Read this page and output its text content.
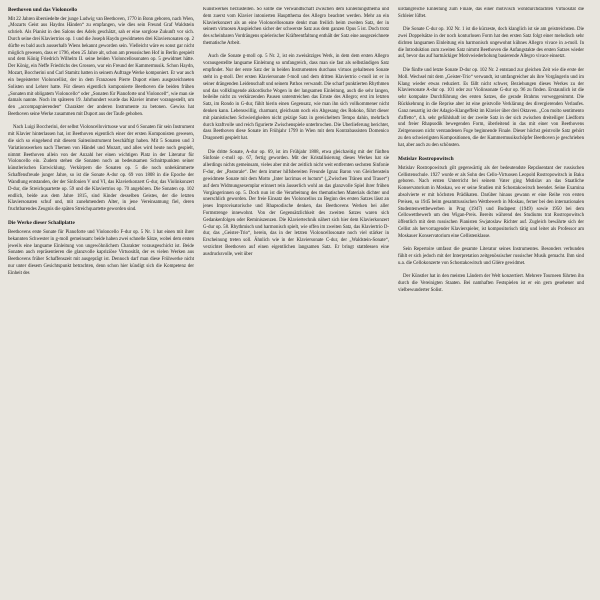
Beethoven und das Violoncello

Mit 22 Jahren übersiedelte der junge Ludwig van Beethoven, 1770 in Bonn geboren, nach Wien, „Mozarts Geist aus Haydns Händen“ zu empfangen, wie dies sein Freund Graf Waldstein schrieb. Als Pianist in den Salons des Adels geschätzt, sah er eine sorglose Zukunft vor sich. Durch seine drei Klaviertrios op. 1 und die Joseph Haydn gewidmeten drei Klaviersonaten op. 2 dürfte es bald auch ausserhalb Wiens bekannt geworden sein. Vielleicht wäre es sonst gar nicht möglich gewesen, dass er 1796, eben 25 Jahre alt, schon am preussischen Hof in Berlin gespielt und dem König Friedrich Wilhelm II. seine beiden Violoncellosonaten op. 5 gewidmet hätte. Der König, ein Neffe Friedrichs des Grossen, war ein Freund der Kammermusik. Schon Haydn, Mozart, Boccherini und Carl Stamitz hatten in seinem Auftrage Werke komponiert. Er war auch ein begeisterter Violoncellist, der in dem Franzosen Pierre Duport einen ausgezeichneten Solisten und Lehrer hatte. Für diesen eigentlich komponierte Beethoven die beiden frühen „Sonaten mit obligatem Violoncello“ oder „Sonaten für Pianoforte und Violoncell“, wie man sie damals nannte. Noch im späteren 19. Jahrhundert wurde das Klavier immer vorangestellt, um den „accompagnierenden“ Charakter der anderen Instrumente zu betonen. Gewiss hat Beethoven seine Werke zusammen mit Duport aus der Taufe gehoben.

Nach Luigi Boccherini, der selbst Violoncellovirtuose war und 6 Sonaten für sein Instrument mit Klavier hinterlassen hat, ist Beethoven eigentlich einer der ersten Komponisten gewesen, die sich so eingehend mit diesem Saiteninstrument beschäftigt haben. Mit 5 Sonaten und 3 Variationswerken nach Themen von Händel und Mozart, und alles wird heute noch gespielt, nimmt Beethoven allein von der Anzahl her einen wichtigen Platz in der Literatur für Violoncello ein. Zudem stehen die Sonaten noch an bedeutsamen Schnittpunkten seiner künstlerischen Entwicklung. Verkörpern die Sonaten op. 5 die noch unbekümmerte Schaffensfreude junger Jahre, so ist die Sonate A-dur op. 69 von 1808 in die Epoche der Wandlung entstanden, der der Sinfonien V und VI, das Klavierkonzert G-dur, das Violinkonzert D-dur, die Streichquartette op. 59 und die Klaviertrios op. 70 angehören. Die Sonaten op. 102 endlich, beide aus dem Jahre 1815, sind Kinder desselben Geistes, der die letzten Klaviersonaten schuf und, mit zunehmendem Alter, in jene Vereinsamung fiel, deren fruchtbarendes Zeugnis die späten Streichquartette geworden sind.

Die Werke dieser Schallplatte

Beethovens erste Sonate für Pianoforte und Violoncello F-dur op. 5 Nr. 1 hat einen mit ihrer bekannten Schwester in g-moll gemeinsam: beide haben zwei schnelle Sätze, wobei dem ersten jeweils eine langsame Einleitung von ungewöhnlichem Charakter vorausgeschickt ist. Beide Sonaten auch repräsentieren die glanzvolle kapriziöse Virtuosität, der es vielen Werken aus Beethovens früher Schaffenszeit mit ausgeprägt ist. Dennoch darf man diese Frühwerke nicht nur unter diesem Gesichtspunkt betrachten, denn schon hier kündigt sich die Kompetenz der Einheit des

Kunstwerkes herzustellen. So sollte die Verwandtschaft zwischen dem Einleitungsthema und dem zuerst vom Klavier intonierten Hauptthema des Allegro beachtet werden. Mehr an ein Klavierkonzert als an eine Violoncellosonate denkt man freilich beim zweiten Satz, der in seinem virtuosen Anspielchen sicher der schwerste Satz aus dem ganzen Opus 5 ist. Doch trotz des scheinbaren Vordrängens spielerischer Kräfteentfaltung enthält der Satz eine ausgezeichnete thematische Arbeit.

Auch die Sonate g-moll op. 5 Nr. 2, ist ein zweisätziges Werk, in dem dem ersten Allegro vorausgestellte langsame Einleitung so umfangreich, dass man sie fast als selbständigen Satz empfindet. Nur der erste Satz der in beiden Instrumenten durchaus virtuos gehaltenen Sonate steht in g-moll. Der ersten Klaviersonate f-moll und dem dritten Klaviertrio c-moll ist er in seiner drängenden Leidenschaft und seinem Pathos verwandt. Die scharf punktierten Rhythmen und das vollklingende akkordische Wogen in der langsamen Einleitung, auch die sehr langen, beileibe nicht zu verkürzenden Pausen unterstreichen das Ernste des Allegro; erst im letzten Satz, im Rondo in G-dur, fühlt hierin einen Gegensatz, wie man ihn sich vollkommener nicht denken kann. Lebenswillig, charmant, gleichsam noch ein Abgesang des Rokoko, führt dieser mit pianistischen Schwierigkeiten nicht geizige Satz in gereicheltem Tempo dahin, mehrfach durch kraftvolle und reich figurierte Zwischenspiele unterbrochen. Die Uberlieferung berichtet, dass Beethoven diese Sonate im Frühjahr 1799 in Wien mit dem Kontrabassisten Domenico Dragonetti gespielt hat.

Die dritte Sonate, A-dur op. 69, ist im Frühjahr 1808, etwa gleichzeitig mit der fünften Sinfonie c-moll op. 67, fertig geworden. Mit der Kristallisierung dieses Werkes hat sie allerdings nichts gemeinsam, vieles aber mit der zeitlich nicht weit entfernten sechsten Sinfonie F-dur, der „Pastorale“. Der dem immer hilfsbereiten Freunde Ignaz Baron von Gleichenstein gewidmete Sonate mit dem Motto „Inter lacrimas et luctum“ („Zwischen Tränen und Trauer“) auf dem Widmungsexemplar erinnert rein äusserlich wohl an das glanzvolle Spiel ihrer frühen Vorgängerinnen op. 5. Doch nun ist die Verarbeitung des thematischen Materials dichter und unerschlich geworden. Der freie Einsatz des Violoncellos zu Beginn des ersten Satzes lässt an jenes Improvisatorische und Rhapsodische denken, das Beethovens Werken bei aller Formstrenge innewohnt. Von der Gegensätzlichkeit des zweiten Satzes waren sich Gedankenfolgen oder Reminiszenzen. Die Klaviertechnik nähert sich hier dem Klavierkonzert G-dur op. 58. Rhythmisch und harmonisch spielt, wie offen im zweiten Satz, das Klaviertrio D-dur, das „Geister-Trio“, herein, das in der letzten Violoncellosonate noch viel stärker in Erscheinung treten soll. Ähnlich wie in der Klaviersonate C-dur, der „Waldstein-Sonate“, verzichtet Beethoven auf einen eigentlichen langsamen Satz. Er bringt stattdessen eine ausdrucksvolle, weit über

uirdangreiche Einleitung zum Finale, das einer motivisch wohldurchdachten Virtuosität die Schleier lüftet.

Die Sonate C-dur op. 102 Nr. 1 ist die kürzeste, doch klanglich ist sie am geistreichsten. Die zwei Doppelsätze in der noch konturlosen Form hat den ersten Satz folgt einer melodisch sehr dichten langsamen Einleitung ein harmonisch ungewohnt kühnes Allegro vivace in a-moll. In die Introduktion zum zweiten Satz nimmt Beethoven die Anfangstakte des ersten Satzes wieder auf, bevor das auf hartnäckiger Motivwiederholung basierende Allegro vivace einsetzt.

Die fünfte und letzte Sonate D-dur op. 102 Nr. 2 entstand zur gleichen Zeit wie die erste der Moll. Wechsel mit dem „Geister-Trio“ verwandt, ist umfangreicher als ihre Vorgängerin und im Klang wieder etwas reduziert. Es fällt nicht schwer, Beziehungen dieses Werkes zu der Klaviersonate A-dur op. 101 oder zur Violinsonate G-dur op. 96 zu finden. Erstaunlich ist die sehr kompakte Durchführung des ersten Satzes, die gerade Brahms vorweggenimmt. Die Rückkehrung in die Reprise aber ist eine geistvolle Verklärung des divergierenden Verlaufes. Ganz neuartig ist der Adagio-Klangeffekt im Klavier über drei Oktaven. „Con molto sentimento d'affetto“, d.h. sehr gefühlshaft ist der zweite Satz in der sich zwischen dreiteiliger Liedform und freier Rhapsodik bewegenden Form, überleitend in das mit einer von Beethovens Zeitgenossen nicht verstandenen Fuge beginnende Finale. Dieser höchst geistvolle Satz gehört zu den schwierigsten Kompositionen, die der Kammermusikschöpfer Beethoven je geschrieben hat, aber auch zu den schönsten.

Mstislav Rostropowitsch

Mstislav Rostropowitsch gilt gegenwärtig als der bedeutendste Repräsentant der russischen Cellistenschule. 1927 wurde er als Sohn des Cello-Virtuosen Leopold Rostropowitsch in Baku geboren. Nach ersten Unterricht bei seinem Vater ging Mstislav an das Staatliche Konservatorium in Moskau, wo er seine Studien mit Schostakowitsch beendet. Seine Examina absolvierte er mit höchsten Prädikaten. Darüber hinaus gewann er eine Reihe von ersten Preisen, so 1945 beim gesamtrussischen Wettbewerb in Moskau, ferner bei den internationalen Studentenwettbewerben in Prag (1947) und Budapest (1949) sowie 1950 bei dem Cellowettbewerb um den Wigan-Preis. Bereits während des Studiums trat Rostropowitsch öffentlich mit dem russischen Pianisten Swjatoslaw Richter auf. Zugleich bewährte sich der Cellist als hervorragender Klavierspieler, ist kompositorisch tätig und leitet als Professor am Moskauer Konservatorium eine Cellistenklasse.

Sein Repertoire umfasst die gesamte Literatur seines Instrumentes. Besonders verbunden fühlt er sich jedoch mit der Interpretation zeitgenössischer russischer Musik gemacht. Ihm sind u.a. die Cellokonzerte von Schostakowitsch und Glière gewidmet.

Der Künstler hat in den meisten Ländern der Welt konzertiert. Mehrere Tourneen führten ihn durch die Vereinigten Staaten. Bei namhaften Festspielen ist er ein gern gesehener und vielbewunderter Solist.
